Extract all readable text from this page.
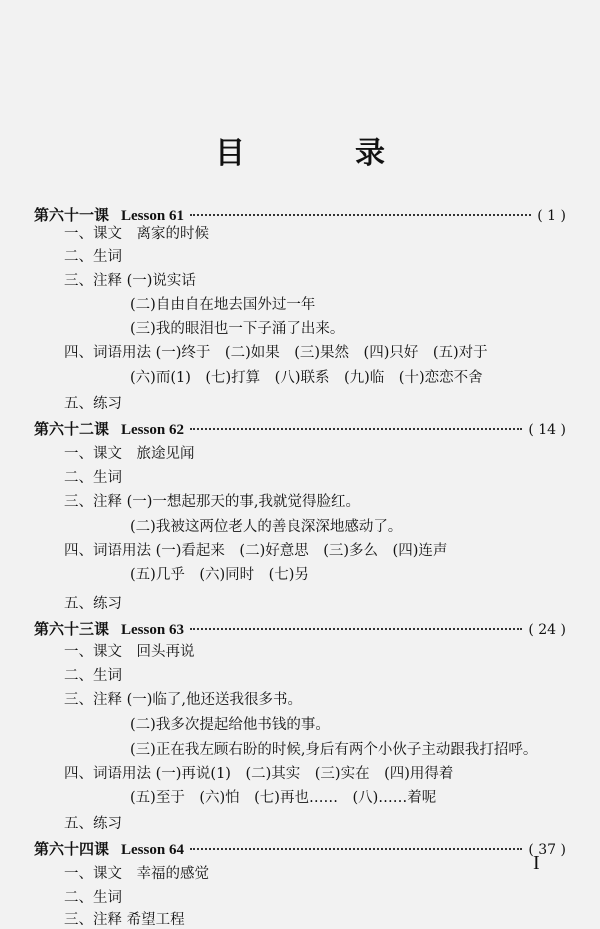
目　录
第六十一课 Lesson 61	( 1 )
一、课文　离家的时候
二、生词
三、注释 (一)说实话
(二)自由自在地去国外过一年
(三)我的眼泪也一下子涌了出来。
四、词语用法 (一)终于　(二)如果　(三)果然　(四)只好　(五)对于
(六)而(1)　(七)打算　(八)联系　(九)临　(十)恋恋不舍
五、练习
第六十二课 Lesson 62	( 14 )
一、课文　旅途见闻
二、生词
三、注释 (一)一想起那天的事,我就觉得脸红。
(二)我被这两位老人的善良深深地感动了。
四、词语用法 (一)看起来　(二)好意思　(三)多么　(四)连声
(五)几乎　(六)同时　(七)另
五、练习
第六十三课 Lesson 63	( 24 )
一、课文　回头再说
二、生词
三、注释 (一)临了,他还送我很多书。
(二)我多次提起给他书钱的事。
(三)正在我左顾右盼的时候,身后有两个小伙子主动跟我打招呼。
四、词语用法 (一)再说(1)　(二)其实　(三)实在　(四)用得着
(五)至于　(六)怕　(七)再也……　(八)……着呢
五、练习
第六十四课 Lesson 64	( 37 )
一、课文　幸福的感觉
二、生词
三、注释 希望工程
I
